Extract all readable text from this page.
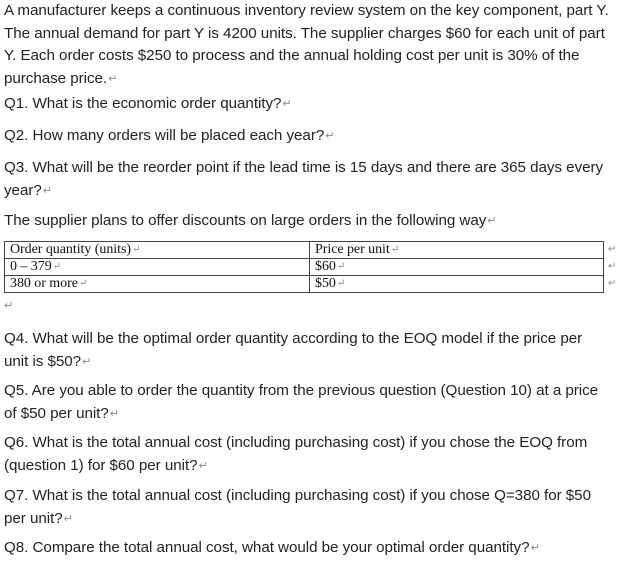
A manufacturer keeps a continuous inventory review system on the key component, part Y. The annual demand for part Y is 4200 units. The supplier charges $60 for each unit of part Y. Each order costs $250 to process and the annual holding cost per unit is 30% of the purchase price.↵
Q1. What is the economic order quantity?↵
Q2. How many orders will be placed each year?↵
Q3. What will be the reorder point if the lead time is 15 days and there are 365 days every year?↵
The supplier plans to offer discounts on large orders in the following way↵
Order quantity (units)↵	Price per unit↵
0 – 379↵	$60↵
380 or more↵	$50↵
↵
↵
↵
↵
Q4. What will be the optimal order quantity according to the EOQ model if the price per unit is $50?↵
Q5. Are you able to order the quantity from the previous question (Question 10) at a price of $50 per unit?↵
Q6. What is the total annual cost (including purchasing cost) if you chose the EOQ from (question 1) for $60 per unit?↵
Q7. What is the total annual cost (including purchasing cost) if you chose Q=380 for $50 per unit?↵
Q8. Compare the total annual cost, what would be your optimal order quantity?↵
